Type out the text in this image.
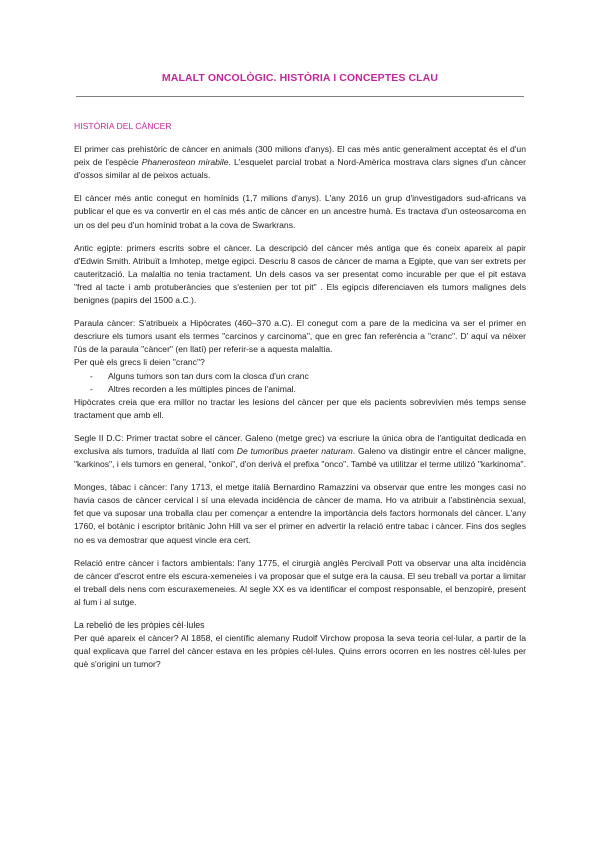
MALALT ONCOLÒGIC. HISTÒRIA I CONCEPTES CLAU
HISTÒRIA DEL CÀNCER

El primer cas prehistòric de càncer en animals (300 milions d'anys). El cas més antic generalment acceptat és el d'un peix de l'espècie Phanerosteon mirabile. L'esquelet parcial trobat a Nord-Amèrica mostrava clars signes d'un càncer d'ossos similar al de peixos actuals.

El càncer més antic conegut en homínids (1,7 milions d'anys). L'any 2016 un grup d'investigadors sud-africans va publicar el que es va convertir en el cas més antic de càncer en un ancestre humà. Es tractava d'un osteosarcoma en un os del peu d'un homínid trobat a la cova de Swarkrans.

Antic egipte: primers escrits sobre el càncer. La descripció del càncer més antiga que és coneix apareix al papir d'Edwin Smith. Atribuït a Imhotep, metge egipci. Descriu 8 casos de càncer de mama a Egipte, que van ser extrets per cauterització. La malaltia no tenia tractament. Un dels casos va ser presentat como incurable per que el pit estava "fred al tacte i amb protuberàncies que s'estenien per tot pit" . Els egipcis diferenciaven els tumors malignes dels benignes (papirs del 1500 a.C.).

Paraula càncer: S'atribueix a Hipòcrates (460–370 a.C). El conegut com a pare de la medicina va ser el primer en descriure els tumors usant els termes "carcinos y carcinoma", que en grec fan referència a "cranc". D' aquí va néixer l'ús de la paraula "càncer" (en llatí) per referir-se a aquesta malaltia.

Per què els grecs li deien "cranc"?

- Alguns tumors son tan durs com la closca d'un cranc
- Altres recorden a les múltiples pinces de l'animal.

Hipòcrates creia que era millor no tractar les lesions del càncer per que els pacients sobrevivien més temps sense tractament que amb ell.

Segle II D.C: Primer tractat sobre el càncer. Galeno (metge grec) va escriure la única obra de l'antiguitat dedicada en exclusiva als tumors, traduïda al llatí com De tumoribus praeter naturam. Galeno va distingir entre el càncer maligne, "karkinos", i els tumors en general, "onkoi", d'on derivà el prefixa "onco". També va utilitzar el terme utilizó "karkinoma".

Monges, tàbac i càncer: l'any 1713, el metge italià Bernardino Ramazzini va observar que entre les monges casi no havia casos de càncer cervical i sí una elevada incidència de càncer de mama. Ho va atribuir a l'abstinència sexual, fet que va suposar una troballa clau per començar a entendre la importància dels factors hormonals del càncer. L'any 1760, el botànic i escriptor britànic John Hill va ser el primer en advertir la relació entre tabac i càncer. Fins dos segles no es va demostrar que aquest vincle era cert.

Relació entre càncer i factors ambientals: l'any 1775, el cirurgià anglès Percivall Pott va observar una alta incidència de càncer d'escrot entre els escura-xemeneies i va proposar que el sutge era la causa. El seu treball va portar a limitar el treball dels nens com escuraxemeneies. Al segle XX es va identificar el compost responsable, el benzopirè, present al fum i al sutge.

La rebelió de les pròpies cèl·lules

Per què apareix el càncer? Al 1858, el científic alemany Rudolf Virchow proposa la seva teoria cel·lular, a partir de la qual explicava que l'arrel del càncer estava en les pròpies cèl·lules. Quins errors ocorren en les nostres cèl·lules per què s'origini un tumor?
